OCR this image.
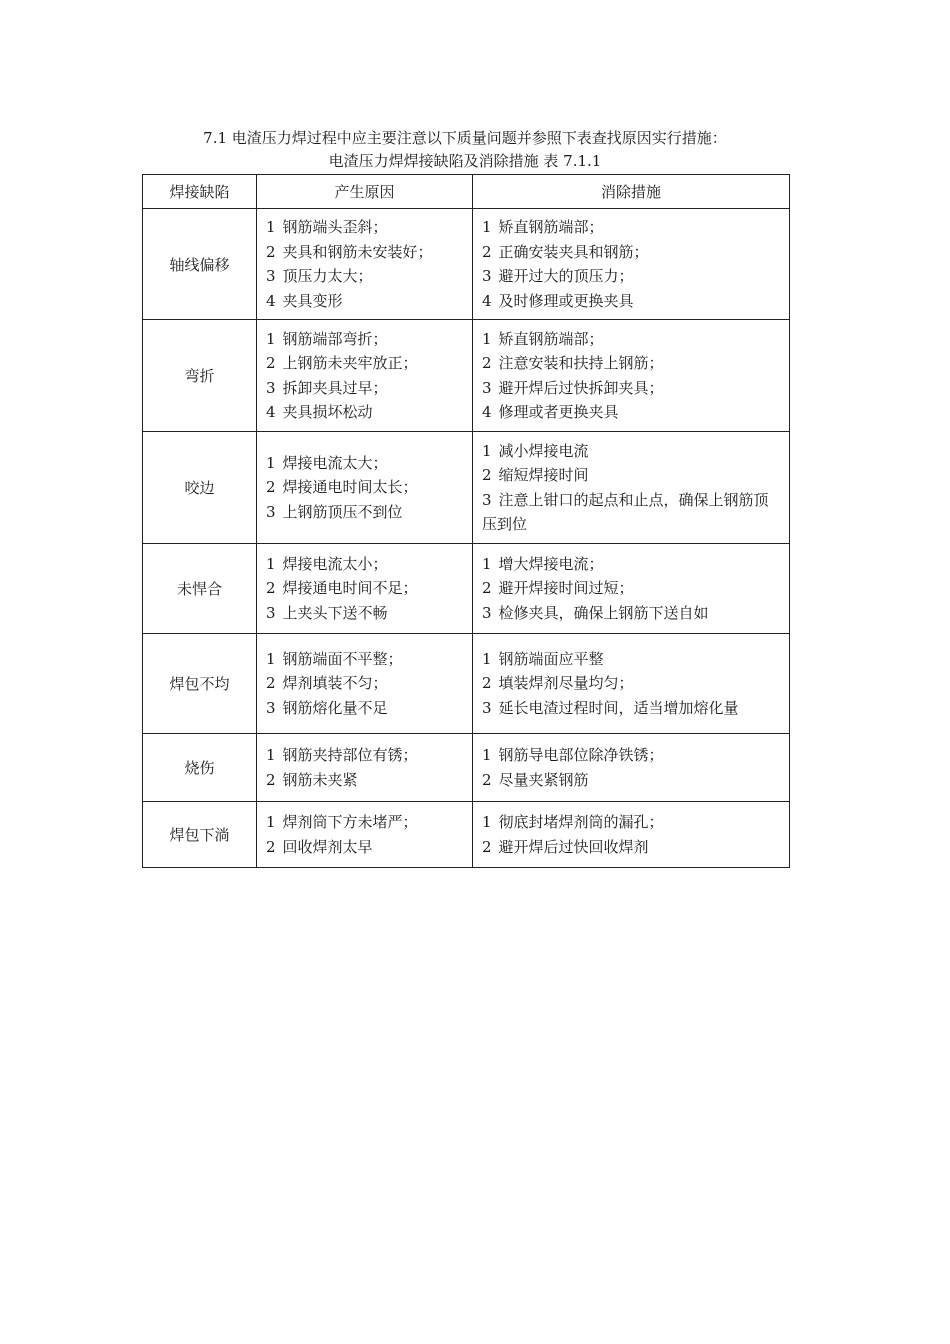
7.1 电渣压力焊过程中应主要注意以下质量问题并参照下表查找原因实行措施：
电渣压力焊焊接缺陷及消除措施 表 7.1.1
焊接缺陷	产生原因	消除措施
轴线偏移	1 钢筋端头歪斜；
2 夹具和钢筋未安装好；
3 顶压力太大；
4 夹具变形	1 矫直钢筋端部；
2 正确安装夹具和钢筋；
3 避开过大的顶压力；
4 及时修理或更换夹具

弯折	1 钢筋端部弯折；
2 上钢筋未夹牢放正；
3 拆卸夹具过早；
4 夹具损坏松动	1 矫直钢筋端部；
2 注意安装和扶持上钢筋；
3 避开焊后过快拆卸夹具；
4 修理或者更换夹具

咬边	1 焊接电流太大；
2 焊接通电时间太长；
3 上钢筋顶压不到位	1 减小焊接电流
2 缩短焊接时间
3 注意上钳口的起点和止点，确保上钢筋顶压到位

未悍合	1 焊接电流太小；
2 焊接通电时间不足；
3 上夹头下送不畅	1 增大焊接电流；
2 避开焊接时间过短；
3 检修夹具，确保上钢筋下送自如

焊包不均	1 钢筋端面不平整；
2 焊剂填装不匀；
3 钢筋熔化量不足	1 钢筋端面应平整
2 填装焊剂尽量均匀；
3 延长电渣过程时间，适当增加熔化量

烧伤	1 钢筋夹持部位有锈；
2 钢筋未夹紧	1 钢筋导电部位除净铁锈；
2 尽量夹紧钢筋

焊包下淌	1 焊剂筒下方未堵严；
2 回收焊剂太早	1 彻底封堵焊剂筒的漏孔；
2 避开焊后过快回收焊剂
